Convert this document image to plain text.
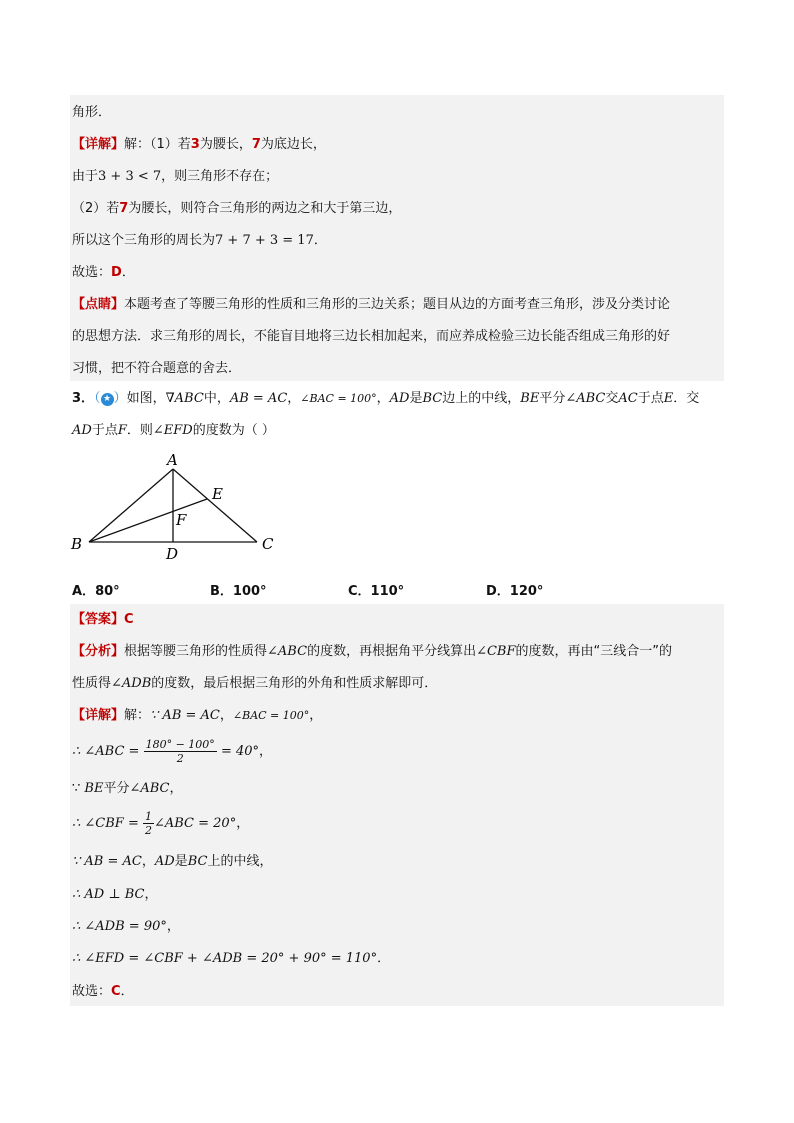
角形．
【详解】解：（1）若3为腰长，7为底边长，
由于3 + 3 < 7，则三角形不存在；
（2）若7为腰长，则符合三角形的两边之和大于第三边，
所以这个三角形的周长为7 + 7 + 3 = 17．
故选：D．
【点睛】本题考查了等腰三角形的性质和三角形的三边关系；题目从边的方面考查三角形，涉及分类讨论
的思想方法．求三角形的周长，不能盲目地将三边长相加起来，而应养成检验三边长能否组成三角形的好
习惯，把不符合题意的舍去．
3．（ ★ ）如图，∇ABC中，AB = AC，∠BAC = 100°，AD是BC边上的中线，BE平分∠ABC交AC于点E．交
AD于点F．则∠EFD的度数为（ ）
A
B	C
D
E
F
A．80°	B．100°	C．110°	D．120°
【答案】C
【分析】根据等腰三角形的性质得∠ABC的度数，再根据角平分线算出∠CBF的度数，再由“三线合一”的
性质得∠ADB的度数，最后根据三角形的外角和性质求解即可．
【详解】解：∵ AB = AC，∠BAC = 100°，
∴ ∠ABC = $\frac{180^\circ - 100^\circ}{2} = 40^\circ$，
∵ BE平分∠ABC，
∴ ∠CBF = $\frac{1}{2}$ ∠ABC = 20°，
∵ AB = AC，AD是BC上的中线，
∴ AD ⊥ BC，
∴ ∠ADB = 90°，
∴ ∠EFD = ∠CBF + ∠ADB = 20° + 90° = 110°．
故选：C．
